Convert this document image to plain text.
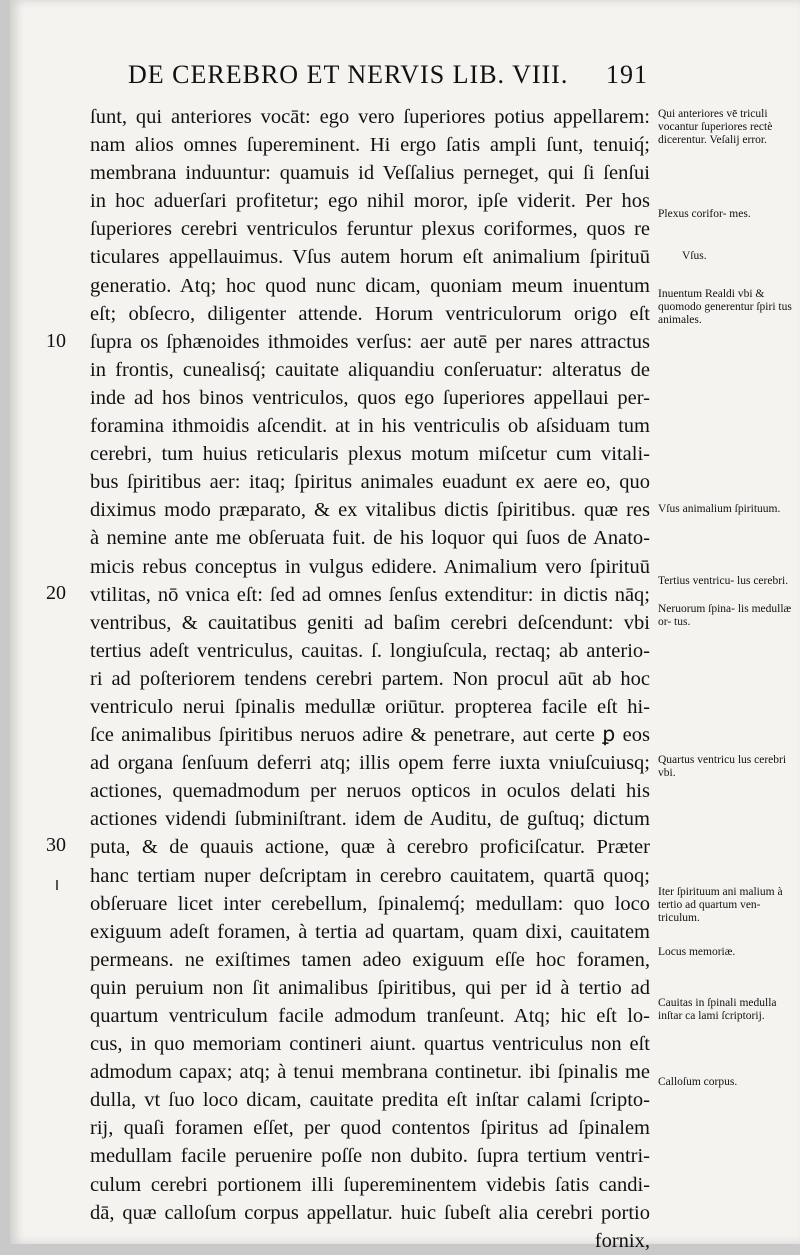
DE CEREBRO ET NERVIS LIB. VIII. 191
ſunt, qui anteriores vocāt: ego vero ſuperiores potius appellarem:
nam alios omnes ſupereminent. Hi ergo ſatis ampli ſunt, tenuiq́;
membrana induuntur: quamuis id Veſſalius perneget, qui ſi ſenſui
in hoc aduerſari profitetur; ego nihil moror, ipſe viderit. Per hos
ſuperiores cerebri ventriculos feruntur plexus coriformes, quos re
ticulares appellauimus. Vſus autem horum eſt animalium ſpirituū
generatio. Atq; hoc quod nunc dicam, quoniam meum inuentum
eſt; obſecro, diligenter attende. Horum ventriculorum origo eſt
ſupra os ſphænoides ithmoides verſus: aer autē per nares attractus
in frontis, cunealisq́; cauitate aliquandiu conſeruatur: alteratus de
inde ad hos binos ventriculos, quos ego ſuperiores appellaui per-
foramina ithmoidis aſcendit. at in his ventriculis ob aſsiduam tum
cerebri, tum huius reticularis plexus motum miſcetur cum vitali-
bus ſpiritibus aer: itaq; ſpiritus animales euadunt ex aere eo, quo
diximus modo præparato, & ex vitalibus dictis ſpiritibus. quæ res
à nemine ante me obſeruata fuit. de his loquor qui ſuos de Anato-
micis rebus conceptus in vulgus edidere. Animalium vero ſpirituū
vtilitas, nō vnica eſt: ſed ad omnes ſenſus extenditur: in dictis nāq;
ventribus, & cauitatibus geniti ad baſim cerebri deſcendunt: vbi
tertius adeſt ventriculus, cauitas. ſ. longiuſcula, rectaq; ab anterio-
ri ad poſteriorem tendens cerebri partem. Non procul aūt ab hoc
ventriculo nerui ſpinalis medullæ oriūtur. propterea facile eſt hi-
ſce animalibus ſpiritibus neruos adire & penetrare, aut certe ꝑ eos
ad organa ſenſuum deferri atq; illis opem ferre iuxta vniuſcuiusq;
actiones, quemadmodum per neruos opticos in oculos delati his
actiones videndi ſubminiſtrant. idem de Auditu, de guſtuq; dictum
puta, & de quauis actione, quæ à cerebro proficiſcatur. Præter
hanc tertiam nuper deſcriptam in cerebro cauitatem, quartā quoq;
obſeruare licet inter cerebellum, ſpinalemq́; medullam: quo loco
exiguum adeſt foramen, à tertia ad quartam, quam dixi, cauitatem
permeans. ne exiſtimes tamen adeo exiguum eſſe hoc foramen,
quin peruium non ſit animalibus ſpiritibus, qui per id à tertio ad
quartum ventriculum facile admodum tranſeunt. Atq; hic eſt lo-
cus, in quo memoriam contineri aiunt. quartus ventriculus non eſt
admodum capax; atq; à tenui membrana continetur. ibi ſpinalis me
dulla, vt ſuo loco dicam, cauitate predita eſt inſtar calami ſcripto-
rij, quaſi foramen eſſet, per quod contentos ſpiritus ad ſpinalem
medullam facile peruenire poſſe non dubito. ſupra tertium ventri-
culum cerebri portionem illi ſupereminentem videbis ſatis candi-
dā, quæ calloſum corpus appellatur. huic ſubeſt alia cerebri portio
fornix,
10
20
30
Qui anteriores vē triculi vocantur ſuperiores rectè dicerentur. Veſalij error.
Plexus corifor- mes.
Vſus.
Inuentum Realdi vbi & quomodo generentur ſpiri tus animales.
Vſus animalium ſpirituum.
Tertius ventricu- lus cerebri.
Neruorum ſpina- lis medullæ or- tus.
Quartus ventricu lus cerebri vbi.
Iter ſpirituum ani malium à tertio ad quartum ven- triculum.
Locus memoriæ.
Cauitas in ſpinali medulla inſtar ca lami ſcriptorij.
Calloſum corpus.
